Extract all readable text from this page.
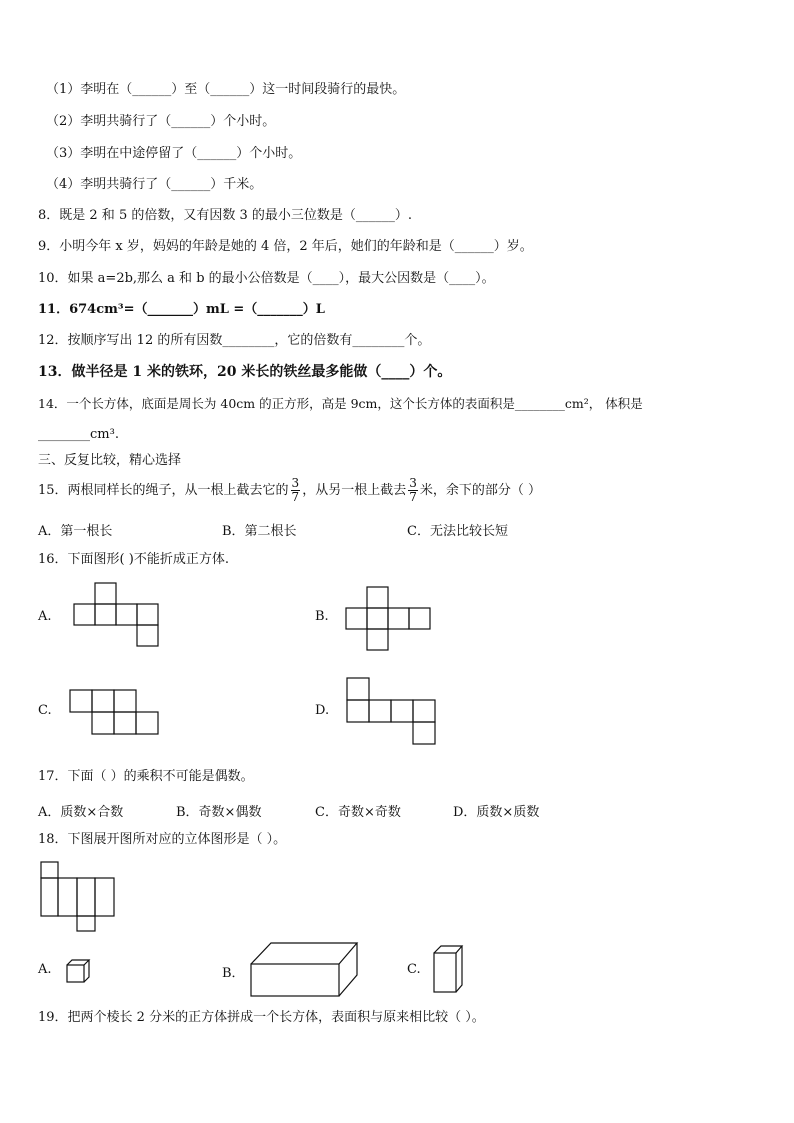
（1）李明在（______）至（______）这一时间段骑行的最快。
（2）李明共骑行了（______）个小时。
（3）李明在中途停留了（______）个小时。
（4）李明共骑行了（______）千米。
8．既是 2 和 5 的倍数，又有因数 3 的最小三位数是（______）.
9．小明今年 x 岁，妈妈的年龄是她的 4 倍，2 年后，她们的年龄和是（______）岁。
10．如果 a=2b,那么 a 和 b 的最小公倍数是（____），最大公因数是（____）。
11．674cm³=（_______）mL =（_______）L
12．按顺序写出 12 的所有因数________，它的倍数有________个。
13．做半径是 1 米的铁环，20 米长的铁丝最多能做（____）个。
14．一个长方体，底面是周长为 40cm 的正方形，高是 9cm，这个长方体的表面积是________cm²， 体积是
________cm³.
三、反复比较，精心选择
15．两根同样长的绳子，从一根上截去它的 $\frac{3}{7}$ ，从另一根上截去 $\frac{3}{7}$ 米，余下的部分（ ）
A．第一根长	B．第二根长	C．无法比较长短
16．下面图形( )不能折成正方体.
A.	B.
C.	D.
17．下面（ ）的乘积不可能是偶数。
A．质数×合数	B．奇数×偶数	C．奇数×奇数	D．质数×质数
18．下图展开图所对应的立体图形是（ ）。
A.	B．	C.
19．把两个棱长 2 分米的正方体拼成一个长方体，表面积与原来相比较（ ）。
